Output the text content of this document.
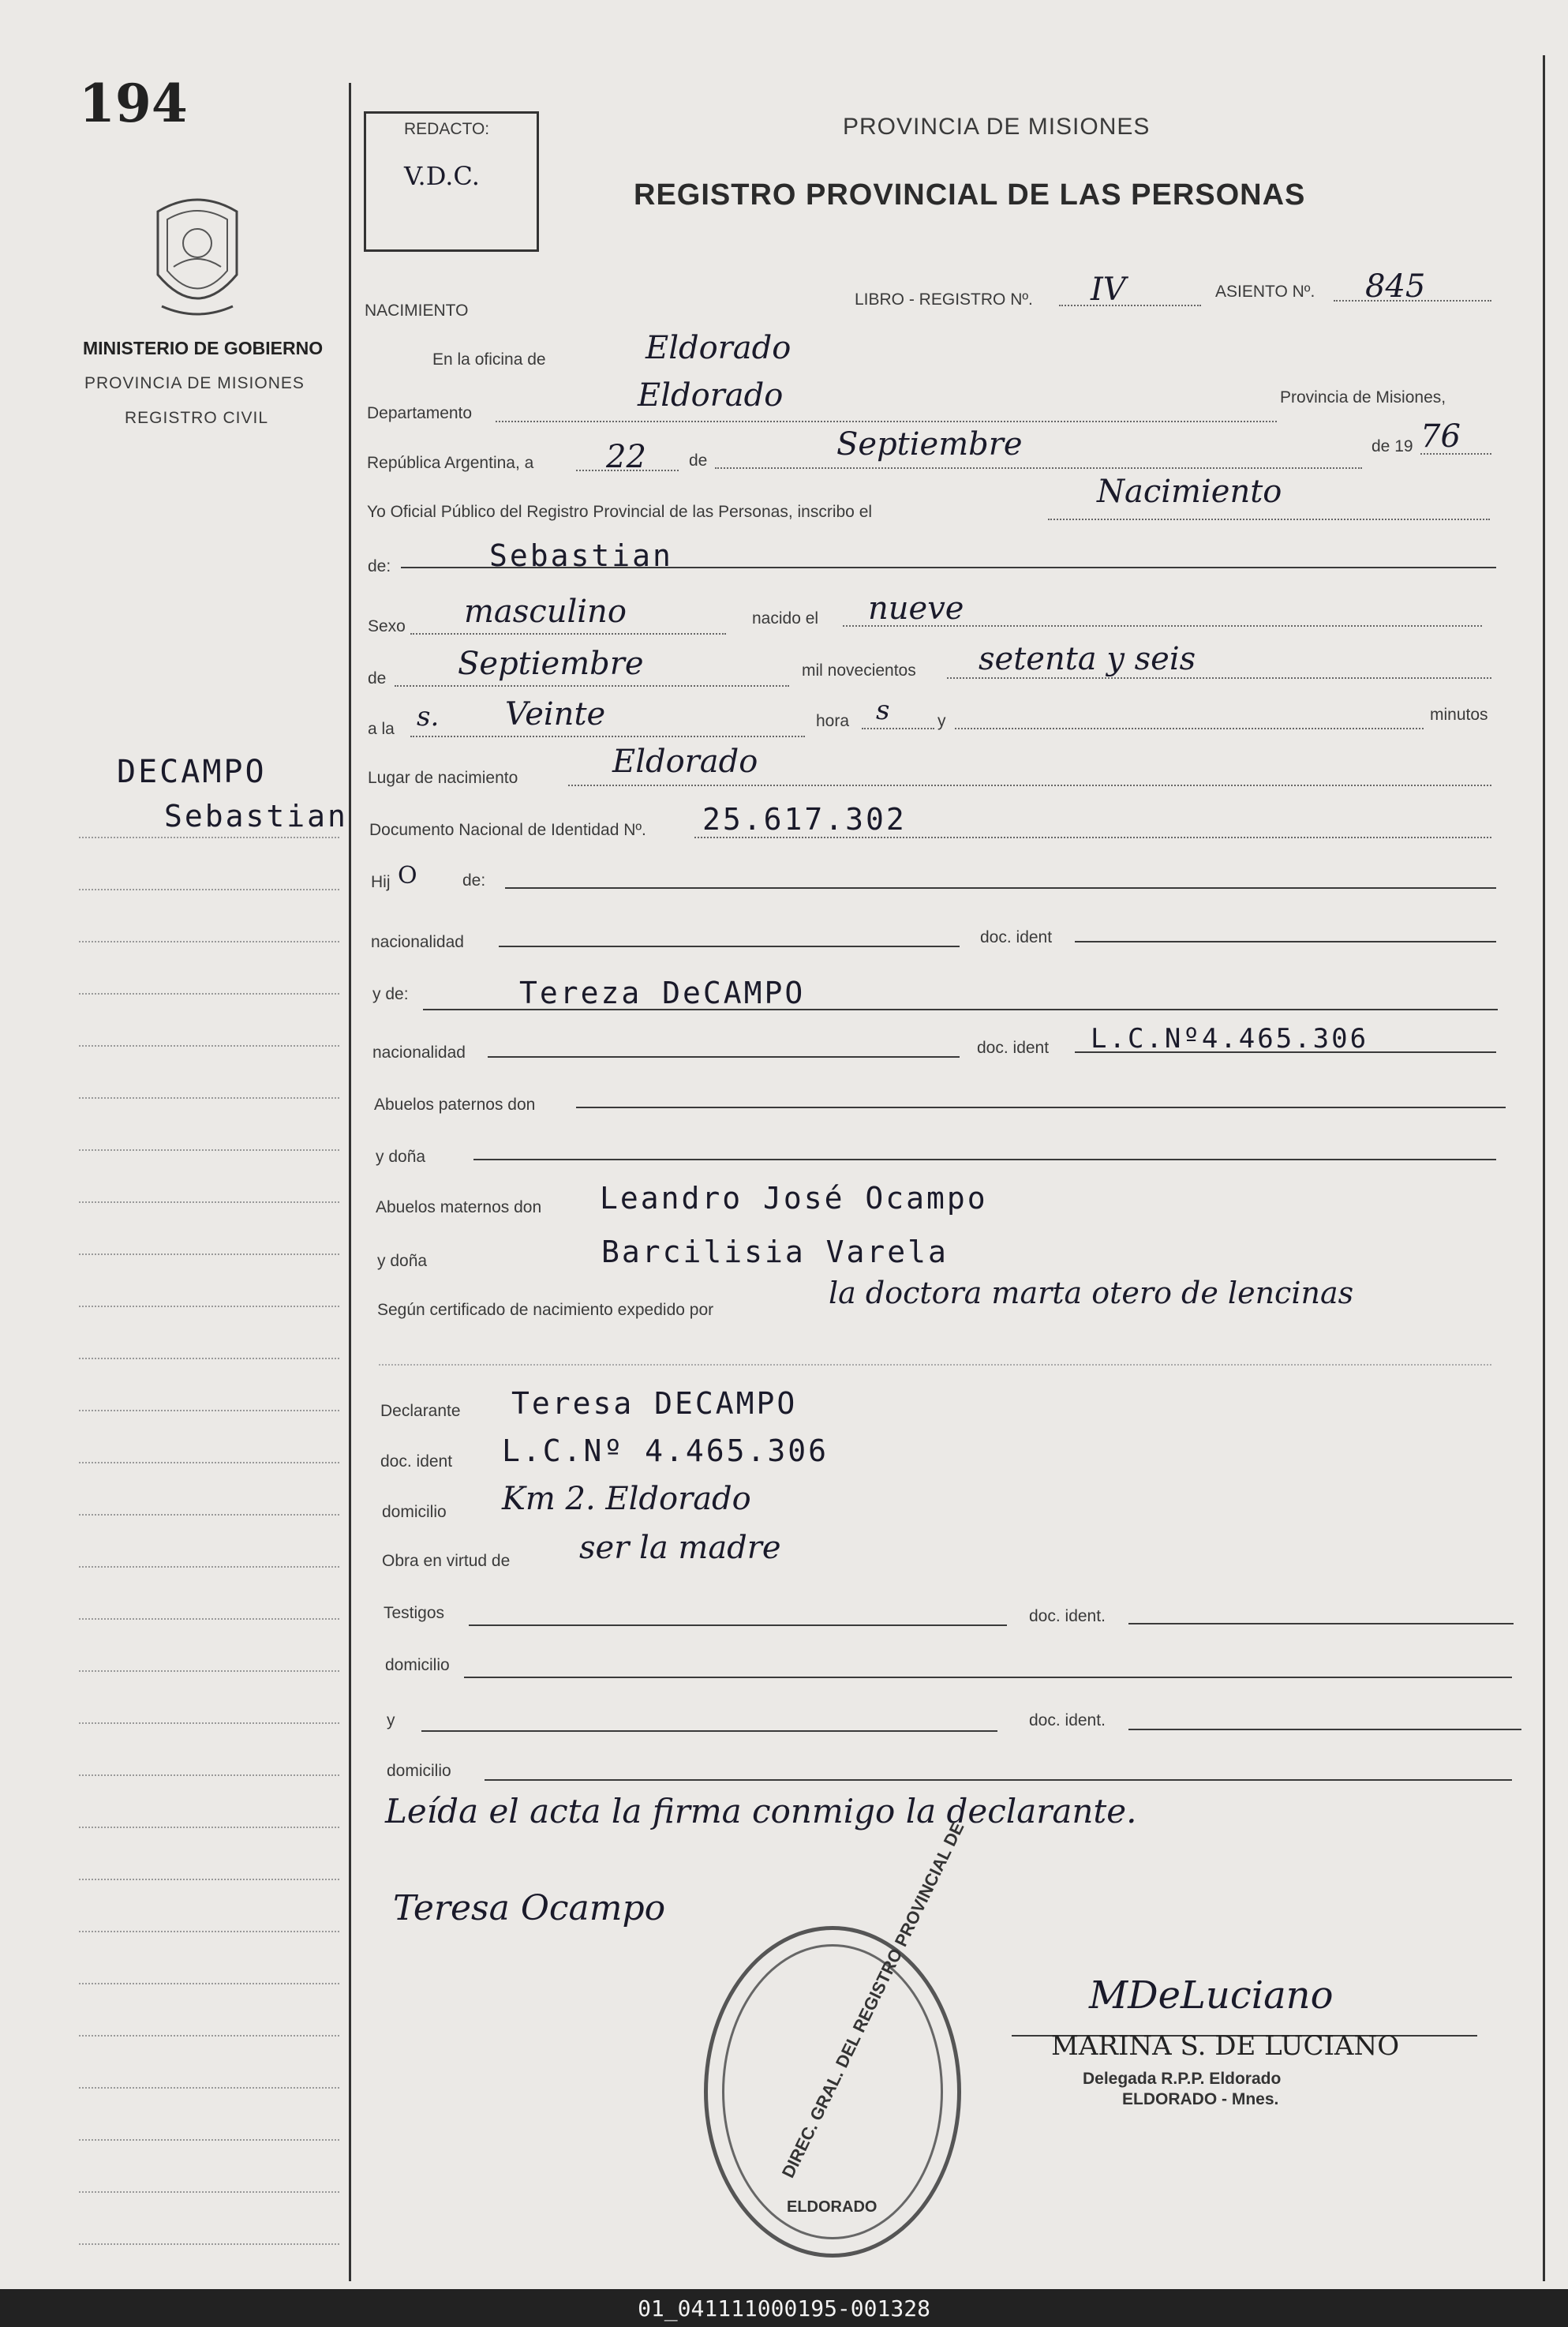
194
MINISTERIO DE GOBIERNO
PROVINCIA DE MISIONES
REGISTRO CIVIL
DECAMPO
Sebastian
REDACTO:
V.D.C.
PROVINCIA DE MISIONES
REGISTRO PROVINCIAL DE LAS PERSONAS
NACIMIENTO
LIBRO - REGISTRO Nº. IV	ASIENTO Nº. 845
En la oficina de	Eldorado
Departamento	Eldorado	Provincia de Misiones,
República Argentina, a 22	de	Septiembre	de 19 76
Yo Oficial Público del Registro Provincial de las Personas, inscribo el
Nacimiento
de:	Sebastian
Sexo masculino	nacido el nueve
de Septiembre	mil novecientos setenta y seis
a la s. Veinte	hora s	y	minutos
Lugar de nacimiento	Eldorado
Documento Nacional de Identidad Nº. 25.617.302
Hij O	de:
nacionalidad	doc. ident
y de:	Tereza DeCAMPO
nacionalidad	doc. ident L.C.Nº4.465.306
Abuelos paternos don
y doña
Abuelos maternos don Leandro José Ocampo
y doña	Barcilisia Varela
Según certificado de nacimiento expedido por	la doctora marta otero de lencinas
Declarante Teresa DECAMPO
doc. ident L.C.Nº 4.465.306
domicilio Km 2. Eldorado
Obra en virtud de ser la madre
Testigos	doc. ident.
domicilio
y	doc. ident.
domicilio
Leída el acta la firma conmigo la declarante.
Teresa Ocampo	DIREC. GRAL. DEL REGISTRO PROVINCIAL DE
ELDORADO
MDeLuciano
MARINA S. DE LUCIANO
Delegada R.P.P. Eldorado
ELDORADO - Mnes.
01_041111000195-001328
